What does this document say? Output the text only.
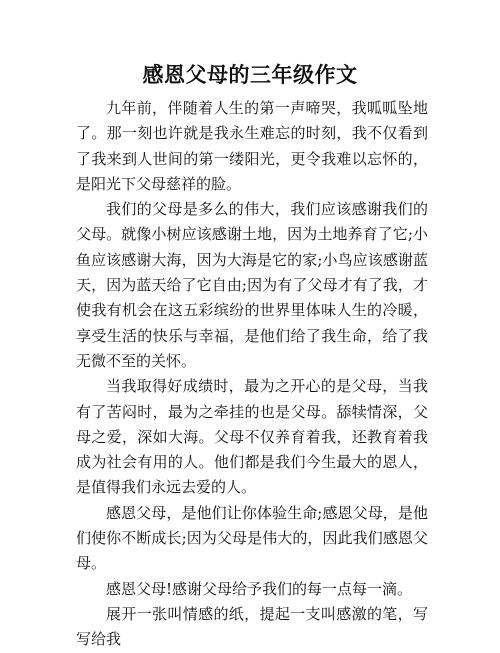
感恩父母的三年级作文

九年前，伴随着人生的第一声啼哭，我呱呱坠地了。那一刻也许就是我永生难忘的时刻，我不仅看到了我来到人世间的第一缕阳光，更令我难以忘怀的，是阳光下父母慈祥的脸。

我们的父母是多么的伟大，我们应该感谢我们的父母。就像小树应该感谢土地，因为土地养育了它;小鱼应该感谢大海，因为大海是它的家;小鸟应该感谢蓝天，因为蓝天给了它自由;因为有了父母才有了我，才使我有机会在这五彩缤纷的世界里体味人生的冷暖，享受生活的快乐与幸福，是他们给了我生命，给了我无微不至的关怀。

当我取得好成绩时，最为之开心的是父母，当我有了苦闷时，最为之牵挂的也是父母。舔犊情深，父母之爱，深如大海。父母不仅养育着我，还教育着我成为社会有用的人。他们都是我们今生最大的恩人，是值得我们永远去爱的人。

感恩父母，是他们让你体验生命;感恩父母，是他们使你不断成长;因为父母是伟大的，因此我们感恩父母。

感恩父母!感谢父母给予我们的每一点每一滴。

展开一张叫情感的纸，提起一支叫感激的笔，写写给我
